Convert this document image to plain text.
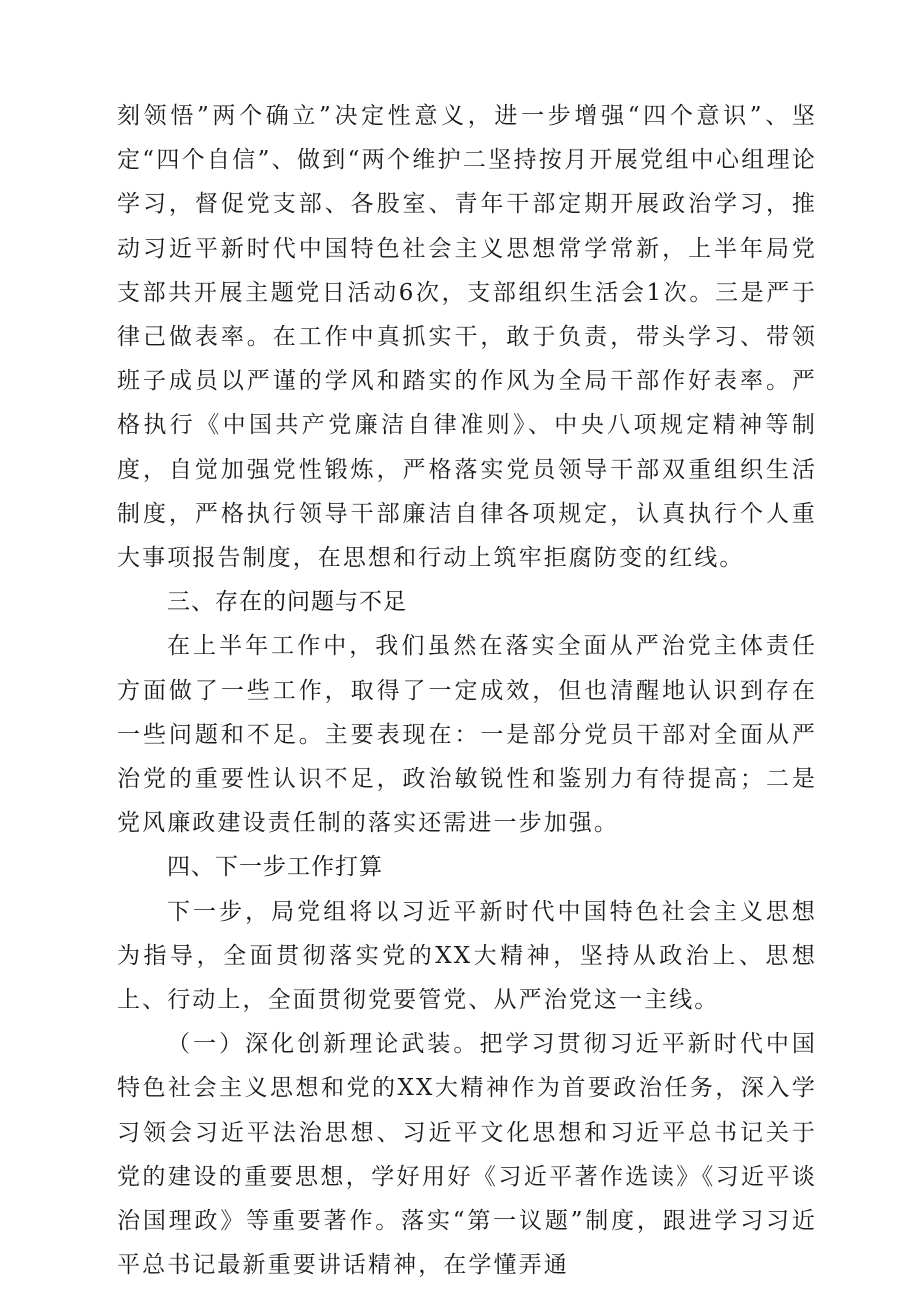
刻领悟”两个确立”决定性意义，进一步增强“四个意识”、坚定“四个自信”、做到“两个维护二坚持按月开展党组中心组理论学习，督促党支部、各股室、青年干部定期开展政治学习，推动习近平新时代中国特色社会主义思想常学常新，上半年局党支部共开展主题党日活动6次，支部组织生活会1次。三是严于律己做表率。在工作中真抓实干，敢于负责，带头学习、带领班子成员以严谨的学风和踏实的作风为全局干部作好表率。严格执行《中国共产党廉洁自律准则》、中央八项规定精神等制度，自觉加强党性锻炼，严格落实党员领导干部双重组织生活制度，严格执行领导干部廉洁自律各项规定，认真执行个人重大事项报告制度，在思想和行动上筑牢拒腐防变的红线。

三、存在的问题与不足

在上半年工作中，我们虽然在落实全面从严治党主体责任方面做了一些工作，取得了一定成效，但也清醒地认识到存在一些问题和不足。主要表现在：一是部分党员干部对全面从严治党的重要性认识不足，政治敏锐性和鉴别力有待提高；二是党风廉政建设责任制的落实还需进一步加强。

四、下一步工作打算

下一步，局党组将以习近平新时代中国特色社会主义思想为指导，全面贯彻落实党的XX大精神，坚持从政治上、思想上、行动上，全面贯彻党要管党、从严治党这一主线。

（一）深化创新理论武装。把学习贯彻习近平新时代中国特色社会主义思想和党的XX大精神作为首要政治任务，深入学习领会习近平法治思想、习近平文化思想和习近平总书记关于党的建设的重要思想，学好用好《习近平著作选读》《习近平谈治国理政》等重要著作。落实“第一议题”制度，跟进学习习近平总书记最新重要讲话精神，在学懂弄通
